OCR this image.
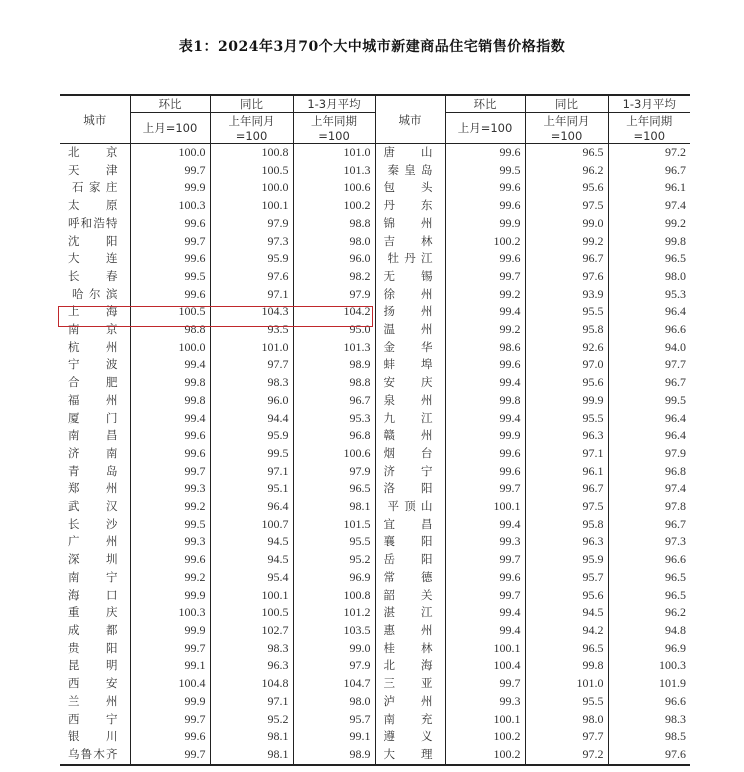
表1：2024年3月70个大中城市新建商品住宅销售价格指数
城市	环比	同比	1-3月平均	城市	环比	同比	1-3月平均
	上月=100	上年同月=100	上年同期=100		上月=100	上年同月=100	上年同期=100

北京	100.0	100.8	101.0	唐山	99.6	96.5	97.2

天津	99.7	100.5	101.3	秦皇岛	99.5	96.2	96.7

石家庄	99.9	100.0	100.6	包头	99.6	95.6	96.1

太原	100.3	100.1	100.2	丹东	99.6	97.5	97.4

呼和浩特	99.6	97.9	98.8	锦州	99.9	99.0	99.2

沈阳	99.7	97.3	98.0	吉林	100.2	99.2	99.8

大连	99.6	95.9	96.0	牡丹江	99.6	96.7	96.5

长春	99.5	97.6	98.2	无锡	99.7	97.6	98.0

哈尔滨	99.6	97.1	97.9	徐州	99.2	93.9	95.3

上海	100.5	104.3	104.2	扬州	99.4	95.5	96.4

南京	98.8	93.5	95.0	温州	99.2	95.8	96.6

杭州	100.0	101.0	101.3	金华	98.6	92.6	94.0

宁波	99.4	97.7	98.9	蚌埠	99.6	97.0	97.7

合肥	99.8	98.3	98.8	安庆	99.4	95.6	96.7

福州	99.8	96.0	96.7	泉州	99.8	99.9	99.5

厦门	99.4	94.4	95.3	九江	99.4	95.5	96.4

南昌	99.6	95.9	96.8	赣州	99.9	96.3	96.4

济南	99.6	99.5	100.6	烟台	99.6	97.1	97.9

青岛	99.7	97.1	97.9	济宁	99.6	96.1	96.8

郑州	99.3	95.1	96.5	洛阳	99.7	96.7	97.4

武汉	99.2	96.4	98.1	平顶山	100.1	97.5	97.8

长沙	99.5	100.7	101.5	宜昌	99.4	95.8	96.7

广州	99.3	94.5	95.5	襄阳	99.3	96.3	97.3

深圳	99.6	94.5	95.2	岳阳	99.7	95.9	96.6

南宁	99.2	95.4	96.9	常德	99.6	95.7	96.5

海口	99.9	100.1	100.8	韶关	99.7	95.6	96.5

重庆	100.3	100.5	101.2	湛江	99.4	94.5	96.2

成都	99.9	102.7	103.5	惠州	99.4	94.2	94.8

贵阳	99.7	98.3	99.0	桂林	100.1	96.5	96.9

昆明	99.1	96.3	97.9	北海	100.4	99.8	100.3

西安	100.4	104.8	104.7	三亚	99.7	101.0	101.9

兰州	99.9	97.1	98.0	泸州	99.3	95.5	96.6

西宁	99.7	95.2	95.7	南充	100.1	98.0	98.3

银川	99.6	98.1	99.1	遵义	100.2	97.7	98.5

乌鲁木齐	99.7	98.1	98.9	大理	100.2	97.2	97.6
